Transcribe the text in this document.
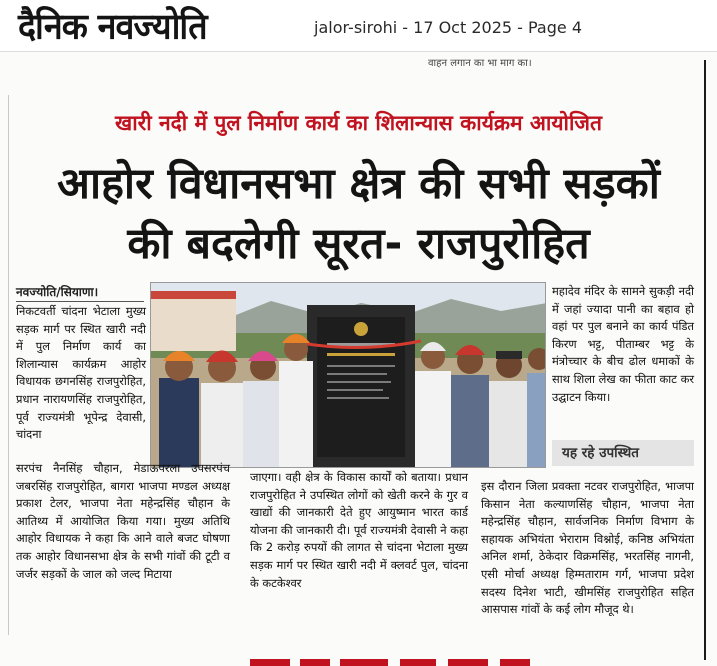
दैनिक नवज्योति	jalor-sirohi - 17 Oct 2025 - Page 4
वाहन लगान का भा माग का।
खारी नदी में पुल निर्माण कार्य का शिलान्यास कार्यक्रम आयोजित
आहोर विधानसभा क्षेत्र की सभी सड़कों
की बदलेगी सूरत- राजपुरोहित
नवज्योति/सियाणा।
निकटवर्ती चांदना भेटाला मुख्य सड़क मार्ग पर स्थित खारी नदी में पुल निर्माण कार्य का शिलान्यास कार्यक्रम आहोर विधायक छगनसिंह राजपुरोहित, प्रधान नारायणसिंह राजपुरोहित, पूर्व राज्यमंत्री भूपेन्द्र देवासी, चांदना
सरपंच नैनसिंह चौहान, मेडाऊपरला उपसरपंच जबरसिंह राजपुरोहित, बागरा भाजपा मण्डल अध्यक्ष प्रकाश टेलर, भाजपा नेता महेन्द्रसिंह चौहान के आतिथ्य में आयोजित किया गया। मुख्य अतिथि आहोर विधायक ने कहा कि आने वाले बजट घोषणा तक आहोर विधानसभा क्षेत्र के सभी गांवों की टूटी व जर्जर सड़कों के जाल को जल्द मिटाया
जाएगा। वही क्षेत्र के विकास कार्यों को बताया। प्रधान राजपुरोहित ने उपस्थित लोगों को खेती करने के गुर व खाद्यों की जानकारी देते हुए आयुष्मान भारत कार्ड योजना की जानकारी दी। पूर्व राज्यमंत्री देवासी ने कहा कि 2 करोड़ रुपयों की लागत से चांदना भेटाला मुख्य सड़क मार्ग पर स्थित खारी नदी में क्लवर्ट पुल, चांदना के कटकेश्वर
महादेव मंदिर के सामने सुकड़ी नदी में जहां ज्यादा पानी का बहाव हो वहां पर पुल बनाने का कार्य पंडित किरण भट्ट, पीताम्बर भट्ट के मंत्रोच्चार के बीच ढोल धमाकों के साथ शिला लेख का फीता काट कर उद्घाटन किया।
यह रहे उपस्थित
इस दौरान जिला प्रवक्ता नटवर राजपुरोहित, भाजपा किसान नेता कल्याणसिंह चौहान, भाजपा नेता महेन्द्रसिंह चौहान, सार्वजनिक निर्माण विभाग के सहायक अभियंता भेराराम विश्नोई, कनिष्ठ अभियंता अनिल शर्मा, ठेकेदार विक्रमसिंह, भरतसिंह नागनी, एसी मोर्चा अध्यक्ष हिम्मताराम गर्ग, भाजपा प्रदेश सदस्य दिनेश भाटी, खीमसिंह राजपुरोहित सहित आसपास गांवों के कई लोग मौजूद थे।
